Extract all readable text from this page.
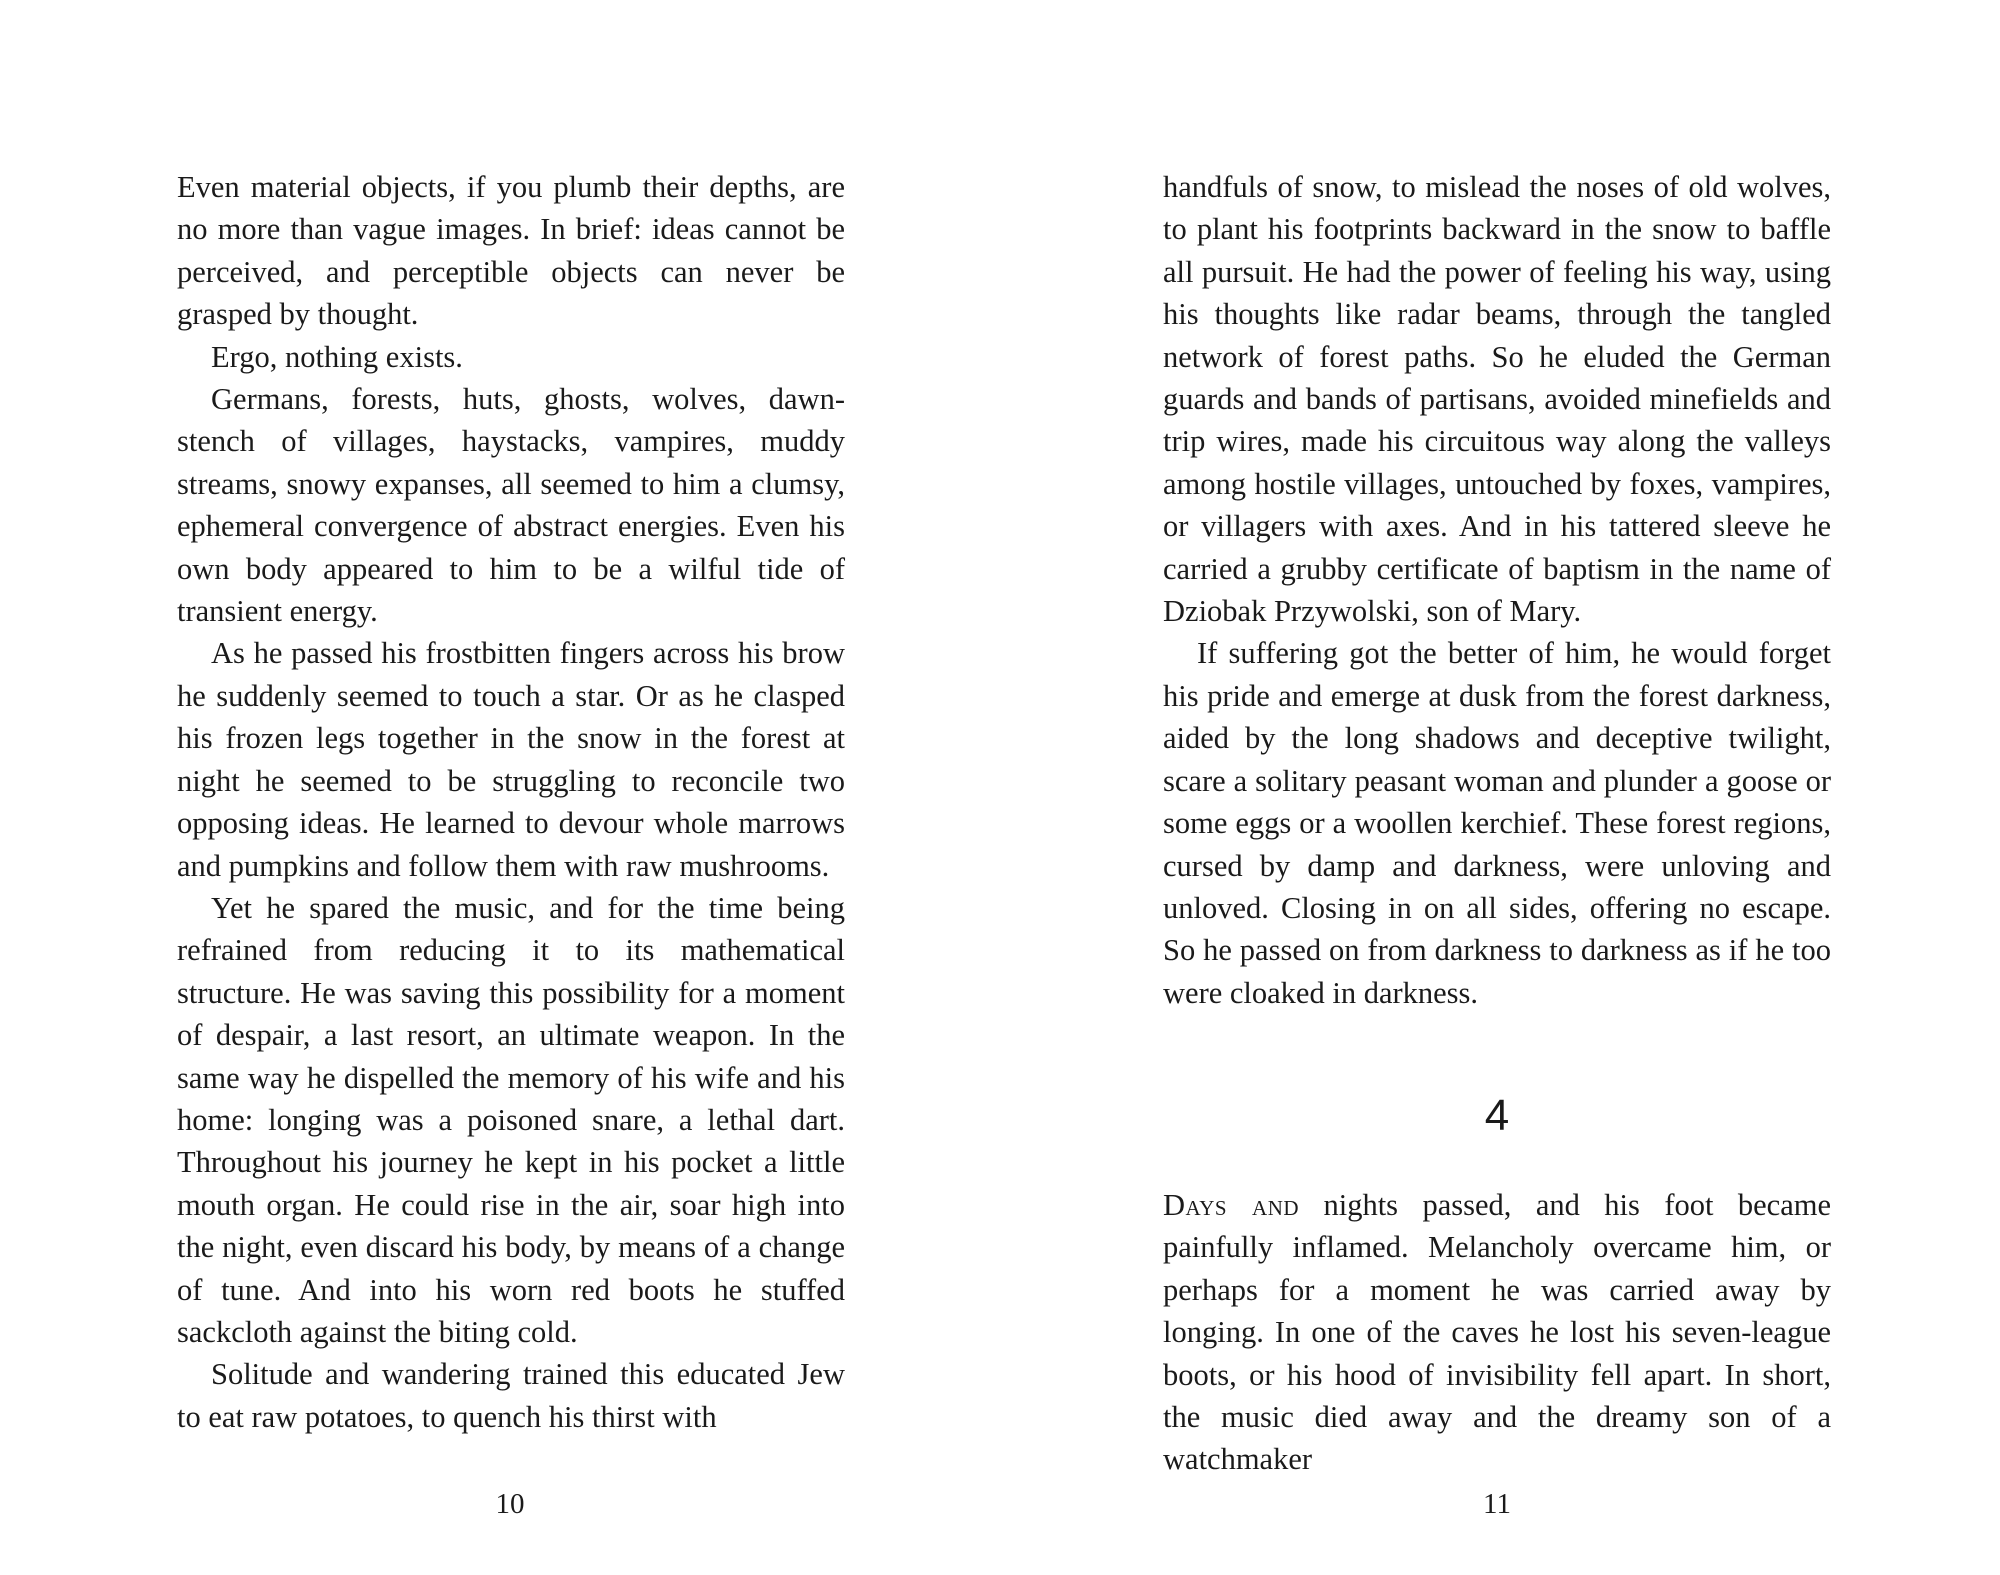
Even material objects, if you plumb their depths, are no more than vague images. In brief: ideas cannot be perceived, and perceptible objects can never be grasped by thought.

Ergo, nothing exists.

Germans, forests, huts, ghosts, wolves, dawn-stench of villages, haystacks, vampires, muddy streams, snowy expanses, all seemed to him a clumsy, ephemeral convergence of abstract energies. Even his own body appeared to him to be a wilful tide of transient energy.

As he passed his frostbitten fingers across his brow he suddenly seemed to touch a star. Or as he clasped his frozen legs together in the snow in the forest at night he seemed to be struggling to reconcile two opposing ideas. He learned to devour whole marrows and pumpkins and follow them with raw mushrooms.

Yet he spared the music, and for the time being refrained from reducing it to its mathematical structure. He was saving this possibility for a moment of despair, a last resort, an ultimate weapon. In the same way he dispelled the memory of his wife and his home: longing was a poisoned snare, a lethal dart. Throughout his journey he kept in his pocket a little mouth organ. He could rise in the air, soar high into the night, even discard his body, by means of a change of tune. And into his worn red boots he stuffed sackcloth against the biting cold.

Solitude and wandering trained this educated Jew to eat raw potatoes, to quench his thirst with

10

handfuls of snow, to mislead the noses of old wolves, to plant his footprints backward in the snow to baffle all pursuit. He had the power of feeling his way, using his thoughts like radar beams, through the tangled network of forest paths. So he eluded the German guards and bands of partisans, avoided minefields and trip wires, made his circuitous way along the valleys among hostile villages, untouched by foxes, vampires, or villagers with axes. And in his tattered sleeve he carried a grubby certificate of baptism in the name of Dziobak Przywolski, son of Mary.

If suffering got the better of him, he would forget his pride and emerge at dusk from the forest darkness, aided by the long shadows and deceptive twilight, scare a solitary peasant woman and plunder a goose or some eggs or a woollen kerchief. These forest regions, cursed by damp and darkness, were unloving and unloved. Closing in on all sides, offering no escape. So he passed on from darkness to darkness as if he too were cloaked in darkness.

4

Days and nights passed, and his foot became painfully inflamed. Melancholy overcame him, or perhaps for a moment he was carried away by longing. In one of the caves he lost his seven-league boots, or his hood of invisibility fell apart. In short, the music died away and the dreamy son of a watchmaker

11
